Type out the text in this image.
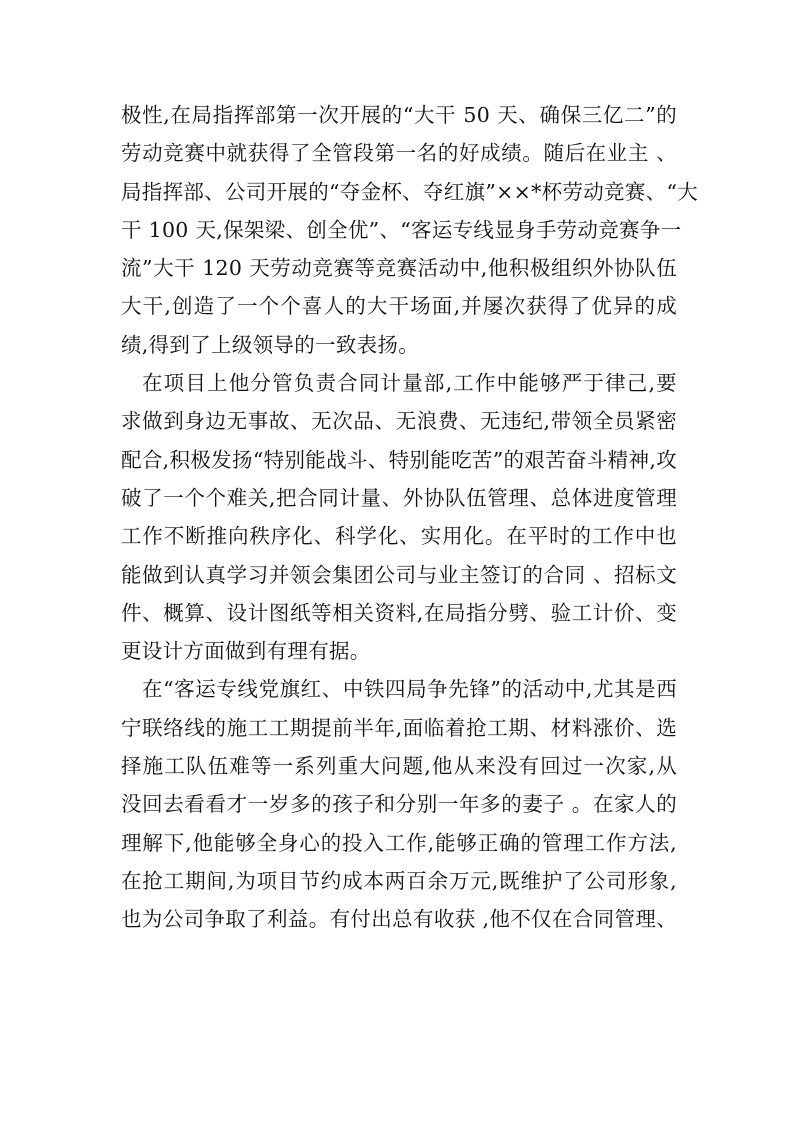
极性,在局指挥部第一次开展的“大干 50 天、确保三亿二”的
劳动竞赛中就获得了全管段第一名的好成绩。随后在业主 、
局指挥部、公司开展的“夺金杯、夺红旗”××*杯劳动竞赛、“大
干 100 天,保架梁、创全优”、“客运专线显身手劳动竞赛争一
流”大干 120 天劳动竞赛等竞赛活动中,他积极组织外协队伍
大干,创造了一个个喜人的大干场面,并屡次获得了优异的成
绩,得到了上级领导的一致表扬。
在项目上他分管负责合同计量部,工作中能够严于律己,要
求做到身边无事故、无次品、无浪费、无违纪,带领全员紧密
配合,积极发扬“特别能战斗、特别能吃苦”的艰苦奋斗精神,攻
破了一个个难关,把合同计量、外协队伍管理、总体进度管理
工作不断推向秩序化、科学化、实用化。在平时的工作中也
能做到认真学习并领会集团公司与业主签订的合同 、招标文
件、概算、设计图纸等相关资料,在局指分劈、验工计价、变
更设计方面做到有理有据。
在“客运专线党旗红、中铁四局争先锋”的活动中,尤其是西
宁联络线的施工工期提前半年,面临着抢工期、材料涨价、选
择施工队伍难等一系列重大问题,他从来没有回过一次家,从
没回去看看才一岁多的孩子和分别一年多的妻子 。在家人的
理解下,他能够全身心的投入工作,能够正确的管理工作方法,
在抢工期间,为项目节约成本两百余万元,既维护了公司形象,
也为公司争取了利益。有付出总有收获 ,他不仅在合同管理、
